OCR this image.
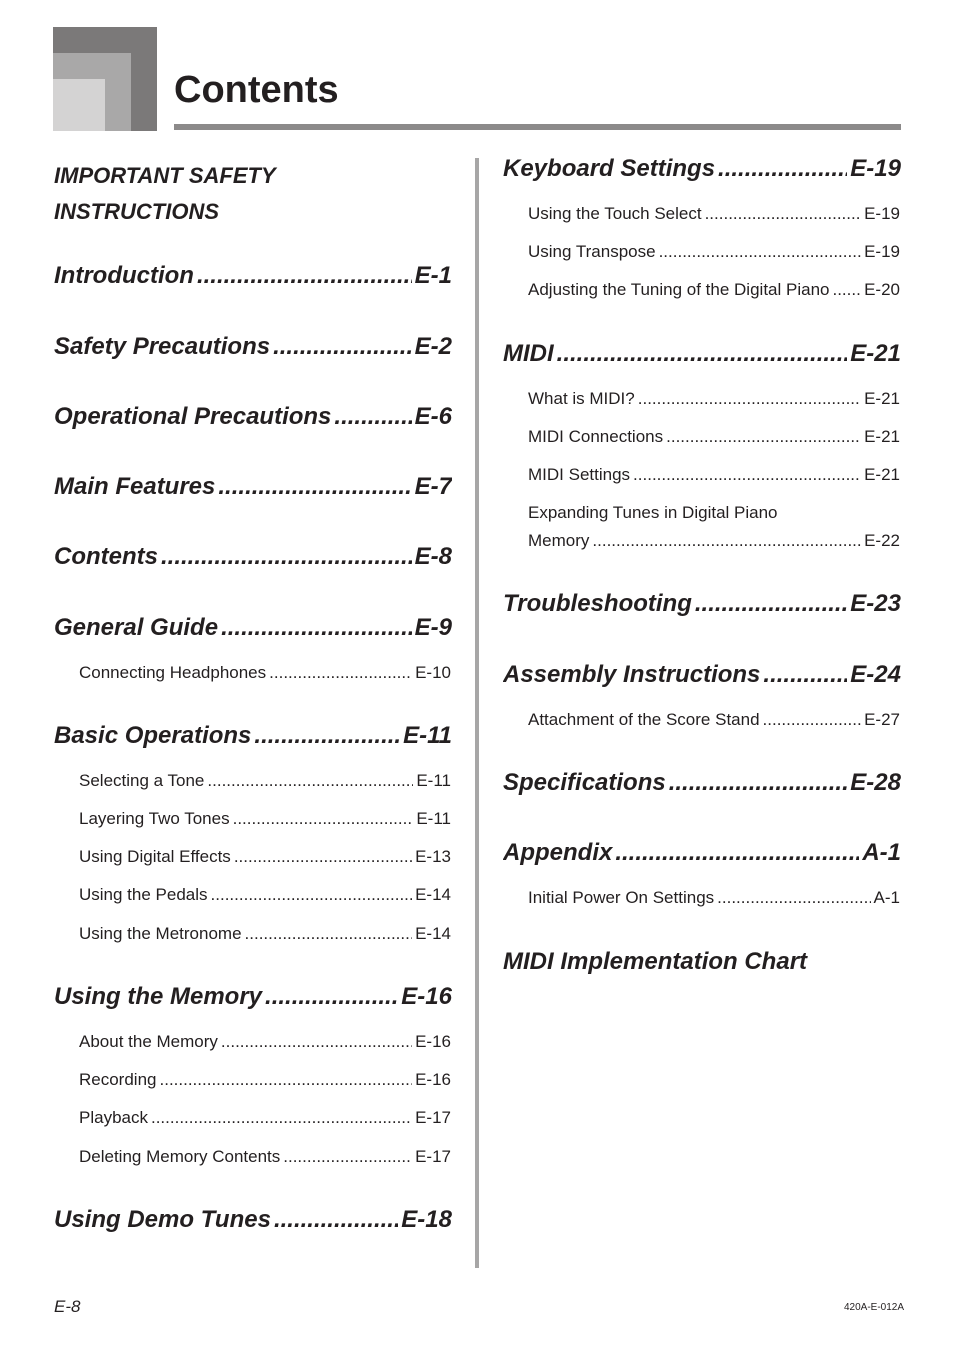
Contents
IMPORTANT SAFETY
INSTRUCTIONS
Introduction .....	E-1
Safety Precautions .....	E-2
Operational Precautions .....	E-6
Main Features .....	E-7
Contents .....	E-8
General Guide .....	E-9
Connecting Headphones .....	E-10
Basic Operations .....	E-11
Selecting a Tone .....	E-11
Layering Two Tones .....	E-11
Using Digital Effects .....	E-13
Using the Pedals .....	E-14
Using the Metronome .....	E-14
Using the Memory .....	E-16
About the Memory .....	E-16
Recording .....	E-16
Playback .....	E-17
Deleting Memory Contents .....	E-17
Using Demo Tunes .....	E-18
Keyboard Settings .....	E-19
Using the Touch Select .....	E-19
Using Transpose .....	E-19
Adjusting the Tuning of the Digital Piano ..... E-20
MIDI .....	E-21
What is MIDI? .....	E-21
MIDI Connections .....	E-21
MIDI Settings .....	E-21
Expanding Tunes in Digital Piano
Memory .....	E-22
Troubleshooting .....	E-23
Assembly Instructions .....	E-24
Attachment of the Score Stand .....	E-27
Specifications .....	E-28
Appendix .....	A-1
Initial Power On Settings .....	A-1
MIDI Implementation Chart
E-8	420A-E-012A
